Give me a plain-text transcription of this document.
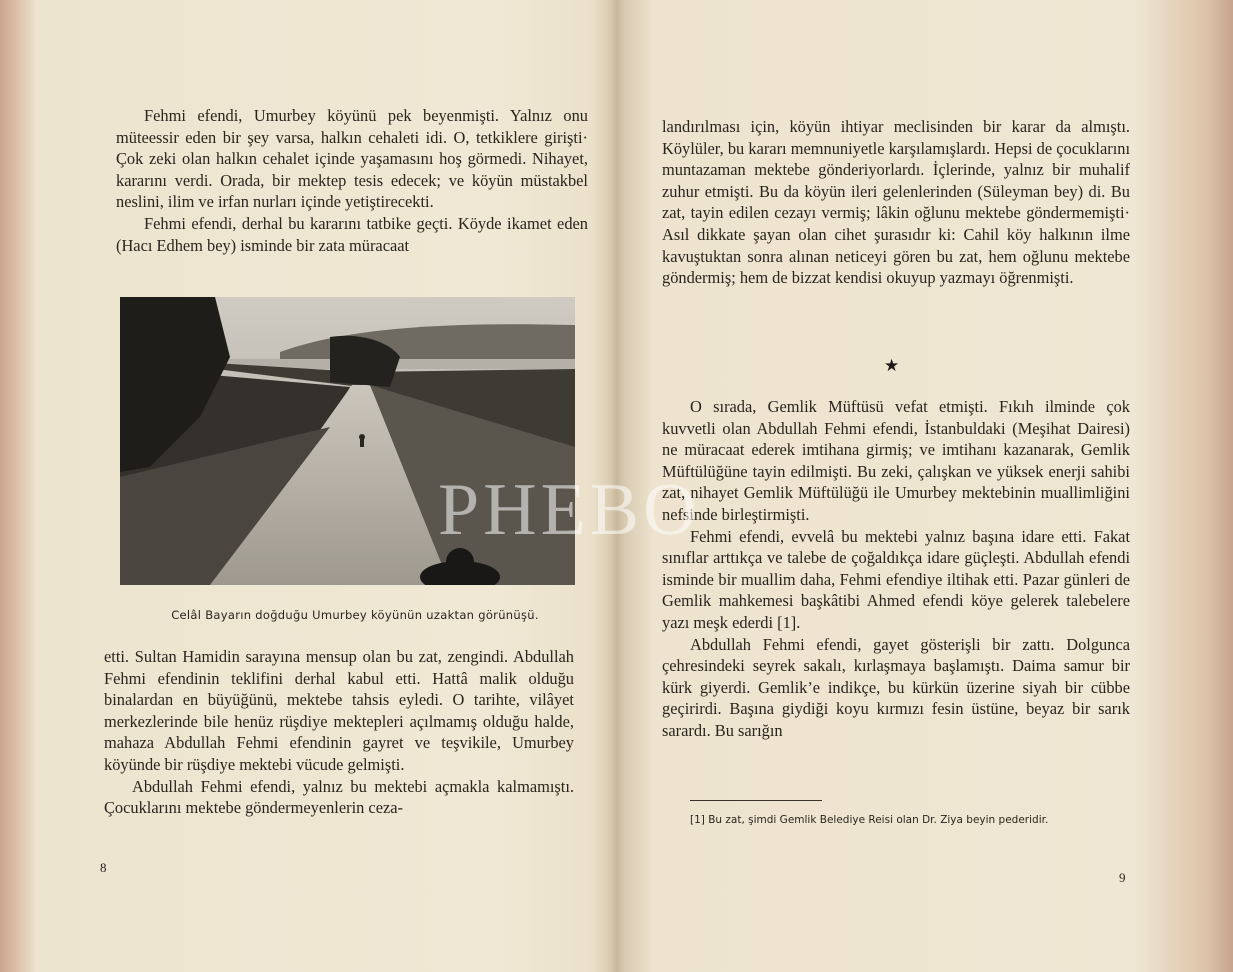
Fehmi efendi, Umurbey köyünü pek beyenmişti. Yalnız onu müteessir eden bir şey varsa, halkın cehaleti idi. O, tetkiklere girişti· Çok zeki olan halkın cehalet içinde yaşamasını hoş görmedi. Nihayet, kararını verdi. Orada, bir mektep tesis edecek; ve köyün müstakbel neslini, ilim ve irfan nurları içinde yetiştirecekti.

Fehmi efendi, derhal bu kararını tatbike geçti. Köyde ikamet eden (Hacı Edhem bey) isminde bir zata müracaat

Celâl Bayarın doğduğu Umurbey köyünün uzaktan görünüşü.

etti. Sultan Hamidin sarayına mensup olan bu zat, zengindi. Abdullah Fehmi efendinin teklifini derhal kabul etti. Hattâ malik olduğu binalardan en büyüğünü, mektebe tahsis eyledi. O tarihte, vilâyet merkezlerinde bile henüz rüşdiye mektepleri açılmamış olduğu halde, mahaza Abdullah Fehmi efendinin gayret ve teşvikile, Umurbey köyünde bir rüşdiye mektebi vücude gelmişti.

Abdullah Fehmi efendi, yalnız bu mektebi açmakla kalmamıştı. Çocuklarını mektebe göndermeyenlerin ceza-

8

landırılması için, köyün ihtiyar meclisinden bir karar da almıştı. Köylüler, bu kararı memnuniyetle karşılamışlardı. Hepsi de çocuklarını muntazaman mektebe gönderiyorlardı. İçlerinde, yalnız bir muhalif zuhur etmişti. Bu da köyün ileri gelenlerinden (Süleyman bey) di. Bu zat, tayin edilen cezayı vermiş; lâkin oğlunu mektebe göndermemişti· Asıl dikkate şayan olan cihet şurasıdır ki: Cahil köy halkının ilme kavuştuktan sonra alınan neticeyi gören bu zat, hem oğlunu mektebe göndermiş; hem de bizzat kendisi okuyup yazmayı öğrenmişti.

★

O sırada, Gemlik Müftüsü vefat etmişti. Fıkıh ilminde çok kuvvetli olan Abdullah Fehmi efendi, İstanbuldaki (Meşihat Dairesi) ne müracaat ederek imtihana girmiş; ve imtihanı kazanarak, Gemlik Müftülüğüne tayin edilmişti. Bu zeki, çalışkan ve yüksek enerji sahibi zat, nihayet Gemlik Müftülüğü ile Umurbey mektebinin muallimliğini nefsinde birleştirmişti.

Fehmi efendi, evvelâ bu mektebi yalnız başına idare etti. Fakat sınıflar arttıkça ve talebe de çoğaldıkça idare güçleşti. Abdullah efendi isminde bir muallim daha, Fehmi efendiye iltihak etti. Pazar günleri de Gemlik mahkemesi başkâtibi Ahmed efendi köye gelerek talebelere yazı meşk ederdi [1].

Abdullah Fehmi efendi, gayet gösterişli bir zattı. Dolgunca çehresindeki seyrek sakalı, kırlaşmaya başlamıştı. Daima samur bir kürk giyerdi. Gemlik’e indikçe, bu kürkün üzerine siyah bir cübbe geçirirdi. Başına giydiği koyu kırmızı fesin üstüne, beyaz bir sarık sarardı. Bu sarığın

[1] Bu zat, şimdi Gemlik Belediye Reisi olan Dr. Ziya beyin pederidir.
9
PHEBO
